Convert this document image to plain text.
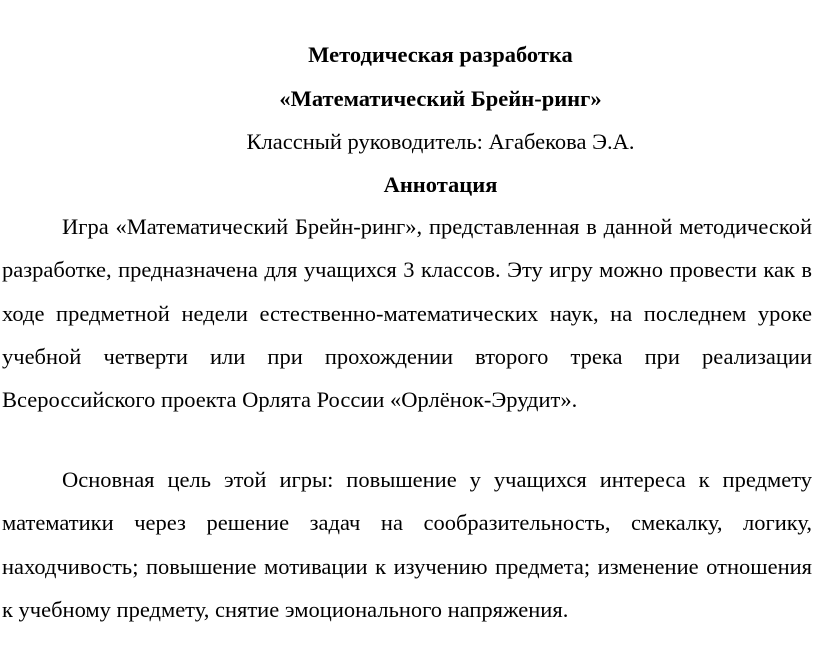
Методическая разработка
«Математический Брейн-ринг»
Классный руководитель: Агабекова Э.А.
Аннотация

Игра «Математический Брейн-ринг», представленная в данной методической разработке, предназначена для учащихся 3 классов. Эту игру можно провести как в ходе предметной недели естественно-математических наук, на последнем уроке учебной четверти или при прохождении второго трека при реализации Всероссийского проекта Орлята России «Орлёнок-Эрудит».

Основная цель этой игры: повышение у учащихся интереса к предмету математики через решение задач на сообразительность, смекалку, логику, находчивость; повышение мотивации к изучению предмета; изменение отношения к учебному предмету, снятие эмоционального напряжения.
